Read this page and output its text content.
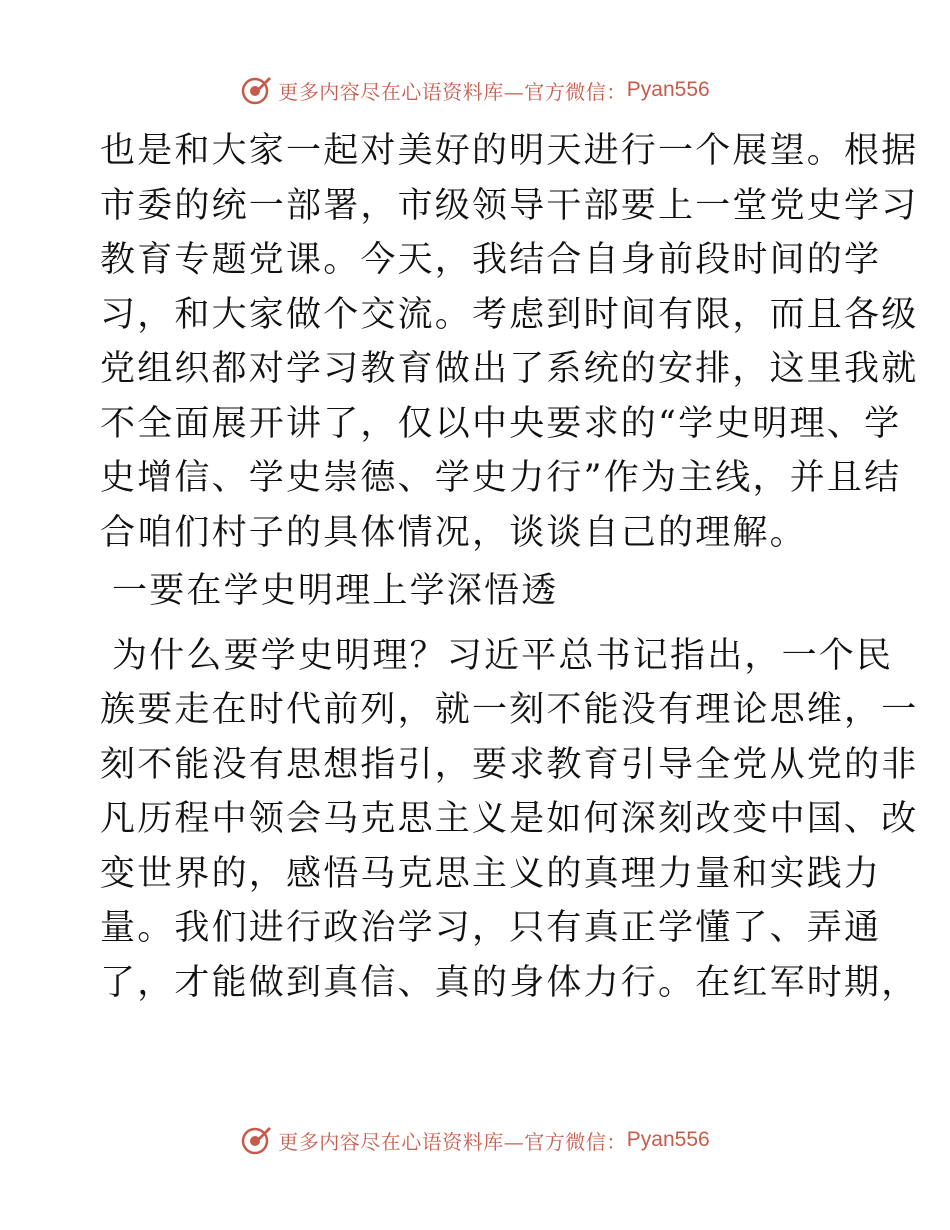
更多内容尽在心语资料库—官方微信： Pyan556
也是和大家一起对美好的明天进行一个展望。根据
市委的统一部署，市级领导干部要上一堂党史学习
教育专题党课。今天，我结合自身前段时间的学
习，和大家做个交流。考虑到时间有限，而且各级
党组织都对学习教育做出了系统的安排，这里我就
不全面展开讲了，仅以中央要求的“学史明理、学
史增信、学史崇德、学史力行”作为主线，并且结
合咱们村子的具体情况，谈谈自己的理解。
一要在学史明理上学深悟透
为什么要学史明理？习近平总书记指出，一个民
族要走在时代前列，就一刻不能没有理论思维，一
刻不能没有思想指引，要求教育引导全党从党的非
凡历程中领会马克思主义是如何深刻改变中国、改
变世界的，感悟马克思主义的真理力量和实践力
量。我们进行政治学习，只有真正学懂了、弄通
了，才能做到真信、真的身体力行。在红军时期，
更多内容尽在心语资料库—官方微信： Pyan556
